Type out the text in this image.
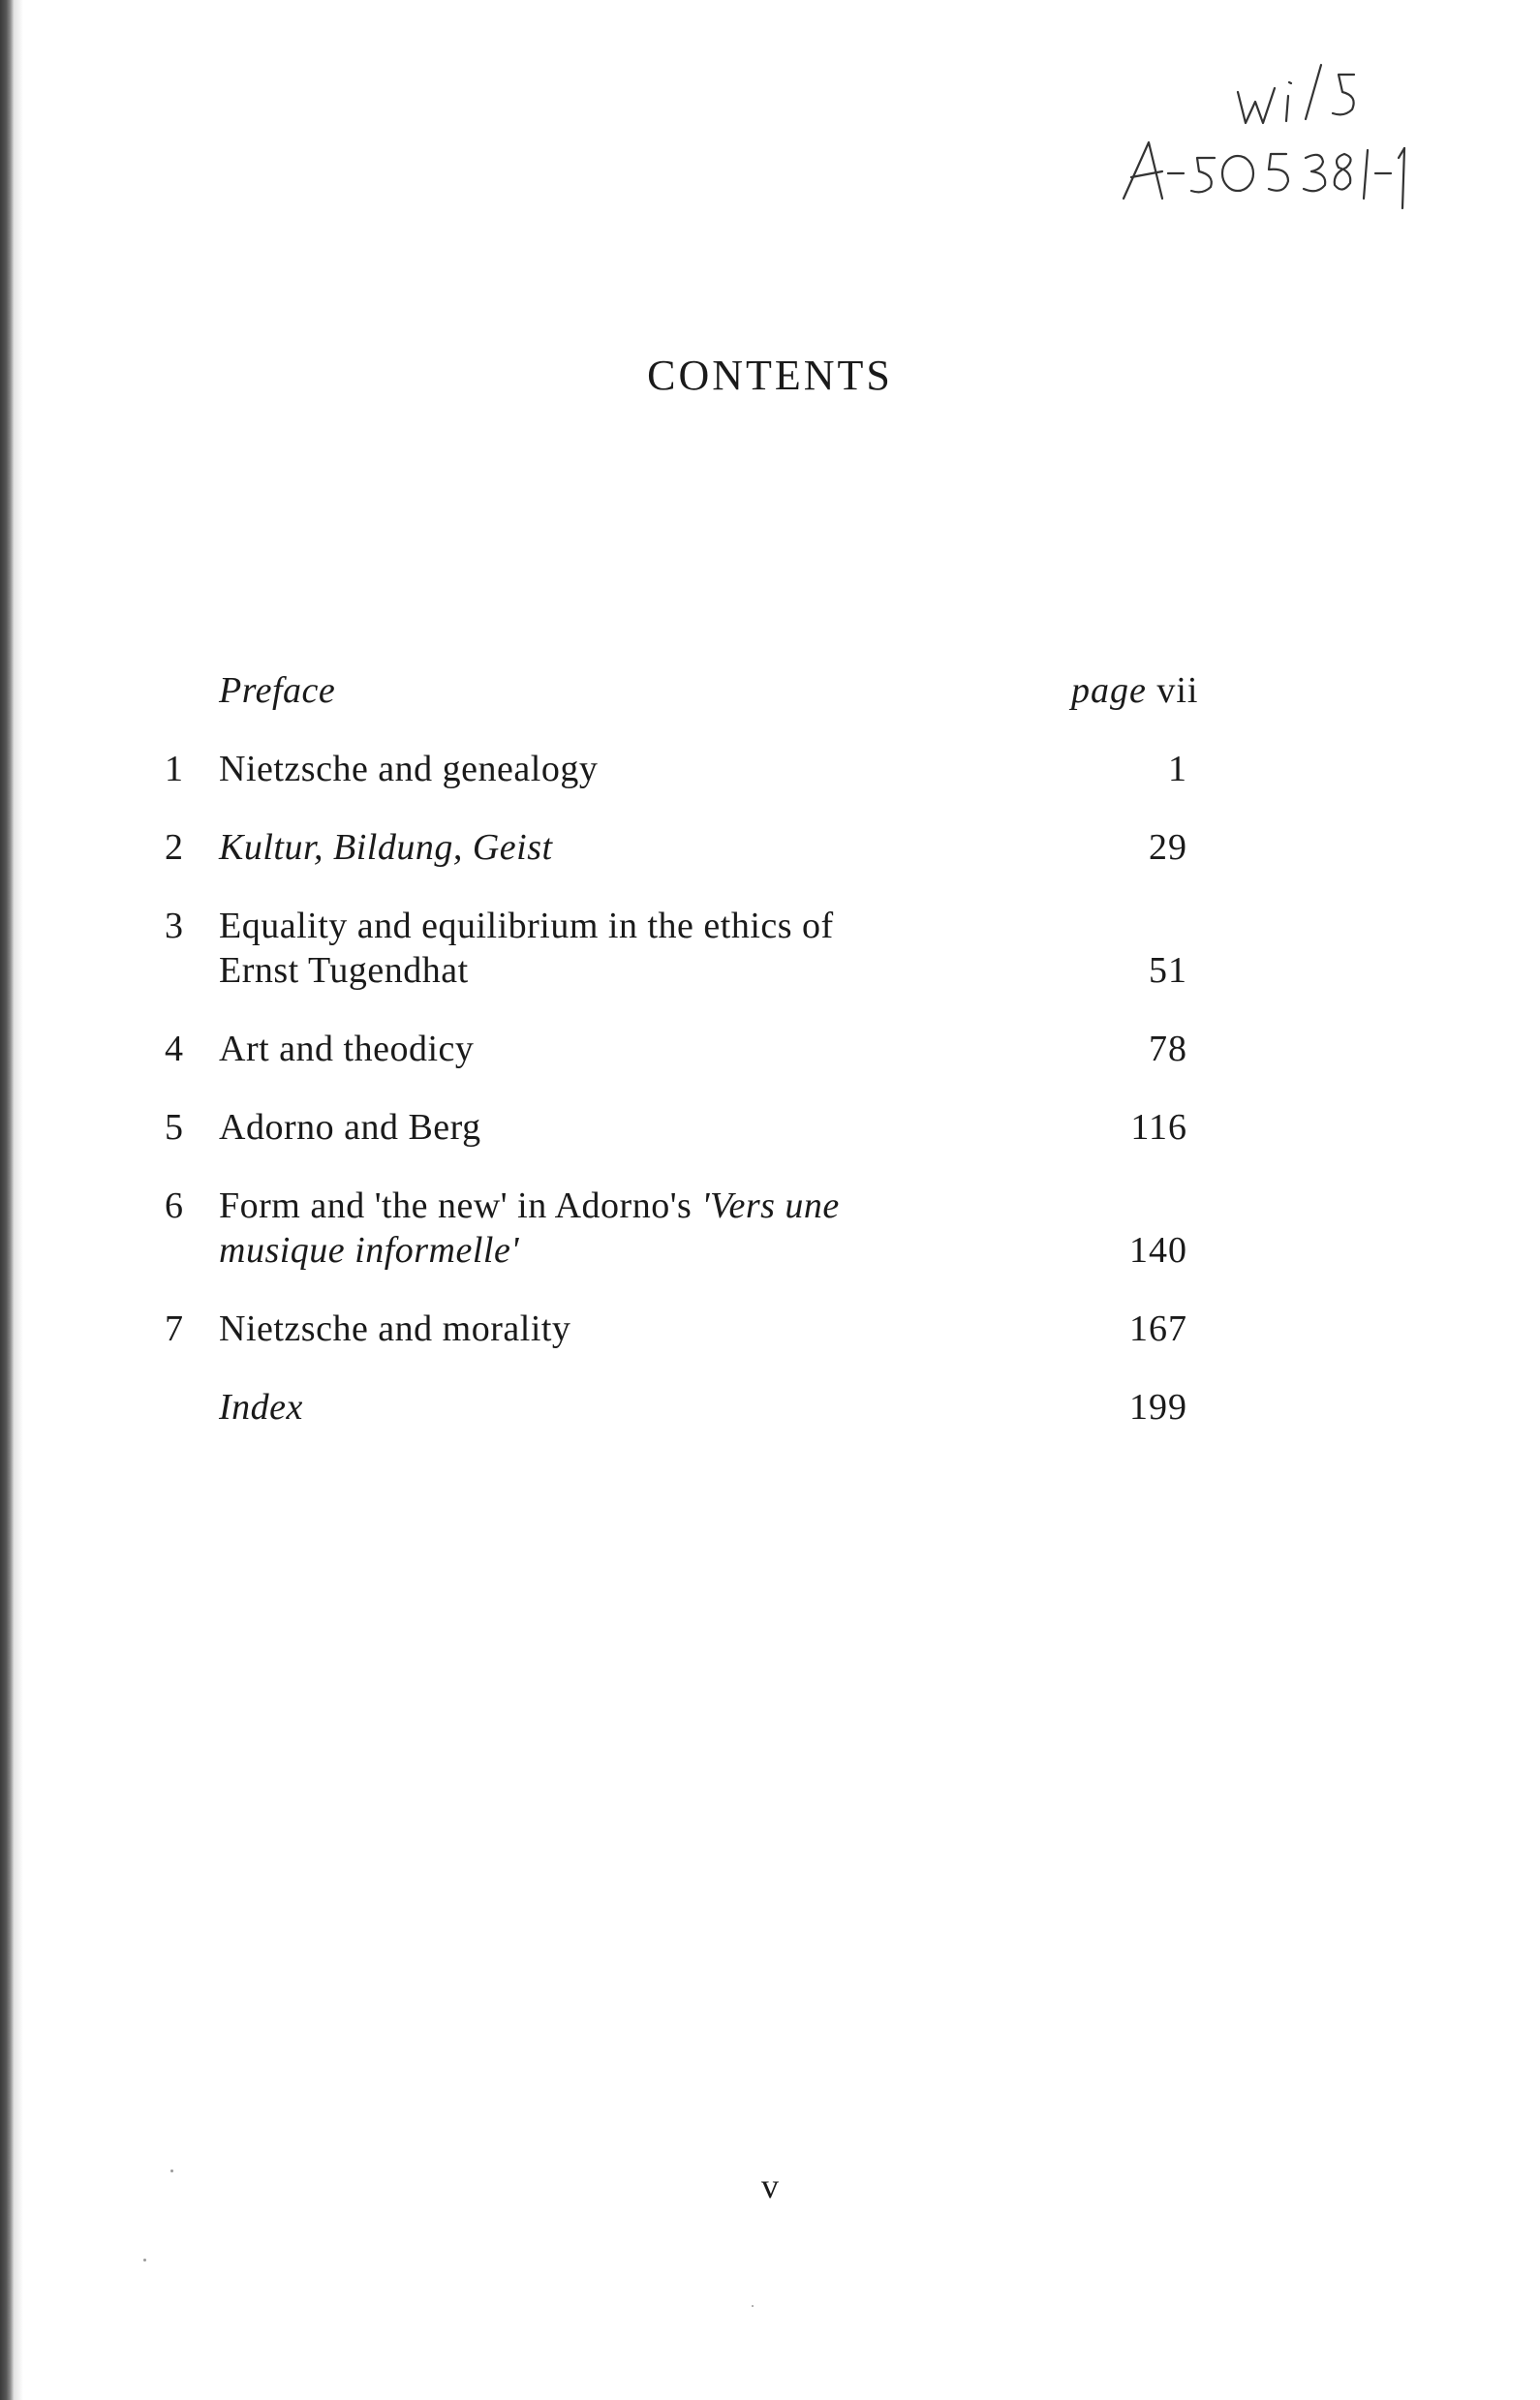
CONTENTS
Preface	page vii
1 Nietzsche and genealogy	1
2 Kultur, Bildung, Geist	29
3 Equality and equilibrium in the ethics of
Ernst Tugendhat	51
4 Art and theodicy	78
5 Adorno and Berg	116
6 Form and 'the new' in Adorno's 'Vers une
musique informelle'	140
7 Nietzsche and morality	167
Index	199
v
